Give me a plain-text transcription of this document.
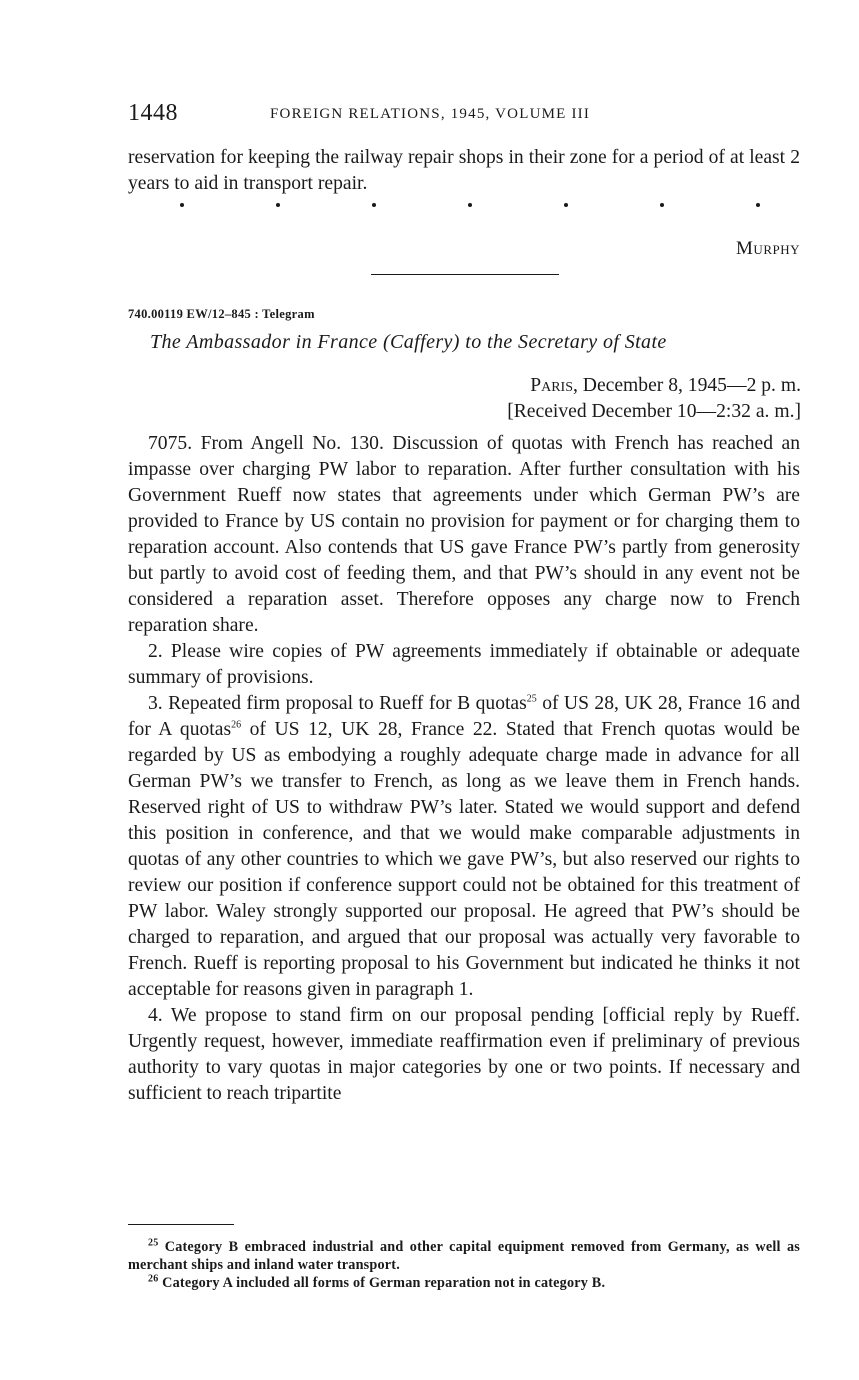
1448	FOREIGN RELATIONS, 1945, VOLUME III

reservation for keeping the railway repair shops in their zone for a period of at least 2 years to aid in transport repair.

Murphy
740.00119 EW/12–845 : Telegram
The Ambassador in France (Caffery) to the Secretary of State
Paris, December 8, 1945—2 p. m.
[Received December 10—2:32 a. m.]

7075. From Angell No. 130. Discussion of quotas with French has reached an impasse over charging PW labor to reparation. After further consultation with his Government Rueff now states that agreements under which German PW’s are provided to France by US contain no provision for payment or for charging them to reparation account. Also contends that US gave France PW’s partly from generosity but partly to avoid cost of feeding them, and that PW’s should in any event not be considered a reparation asset. Therefore opposes any charge now to French reparation share.

2. Please wire copies of PW agreements immediately if obtainable or adequate summary of provisions.

3. Repeated firm proposal to Rueff for B quotas$^{25}$ of US 28, UK 28, France 16 and for A quotas$^{26}$ of US 12, UK 28, France 22. Stated that French quotas would be regarded by US as embodying a roughly adequate charge made in advance for all German PW’s we transfer to French, as long as we leave them in French hands. Reserved right of US to withdraw PW’s later. Stated we would support and defend this position in conference, and that we would make comparable adjustments in quotas of any other countries to which we gave PW’s, but also reserved our rights to review our position if conference support could not be obtained for this treatment of PW labor. Waley strongly supported our proposal. He agreed that PW’s should be charged to reparation, and argued that our proposal was actually very favorable to French. Rueff is reporting proposal to his Government but indicated he thinks it not acceptable for reasons given in paragraph 1.

4. We propose to stand firm on our proposal pending [official reply by Rueff. Urgently request, however, immediate reaffirmation even if preliminary of previous authority to vary quotas in major categories by one or two points. If necessary and sufficient to reach tripartite

$^{25}$ Category B embraced industrial and other capital equipment removed from Germany, as well as merchant ships and inland water transport.

$^{26}$ Category A included all forms of German reparation not in category B.
